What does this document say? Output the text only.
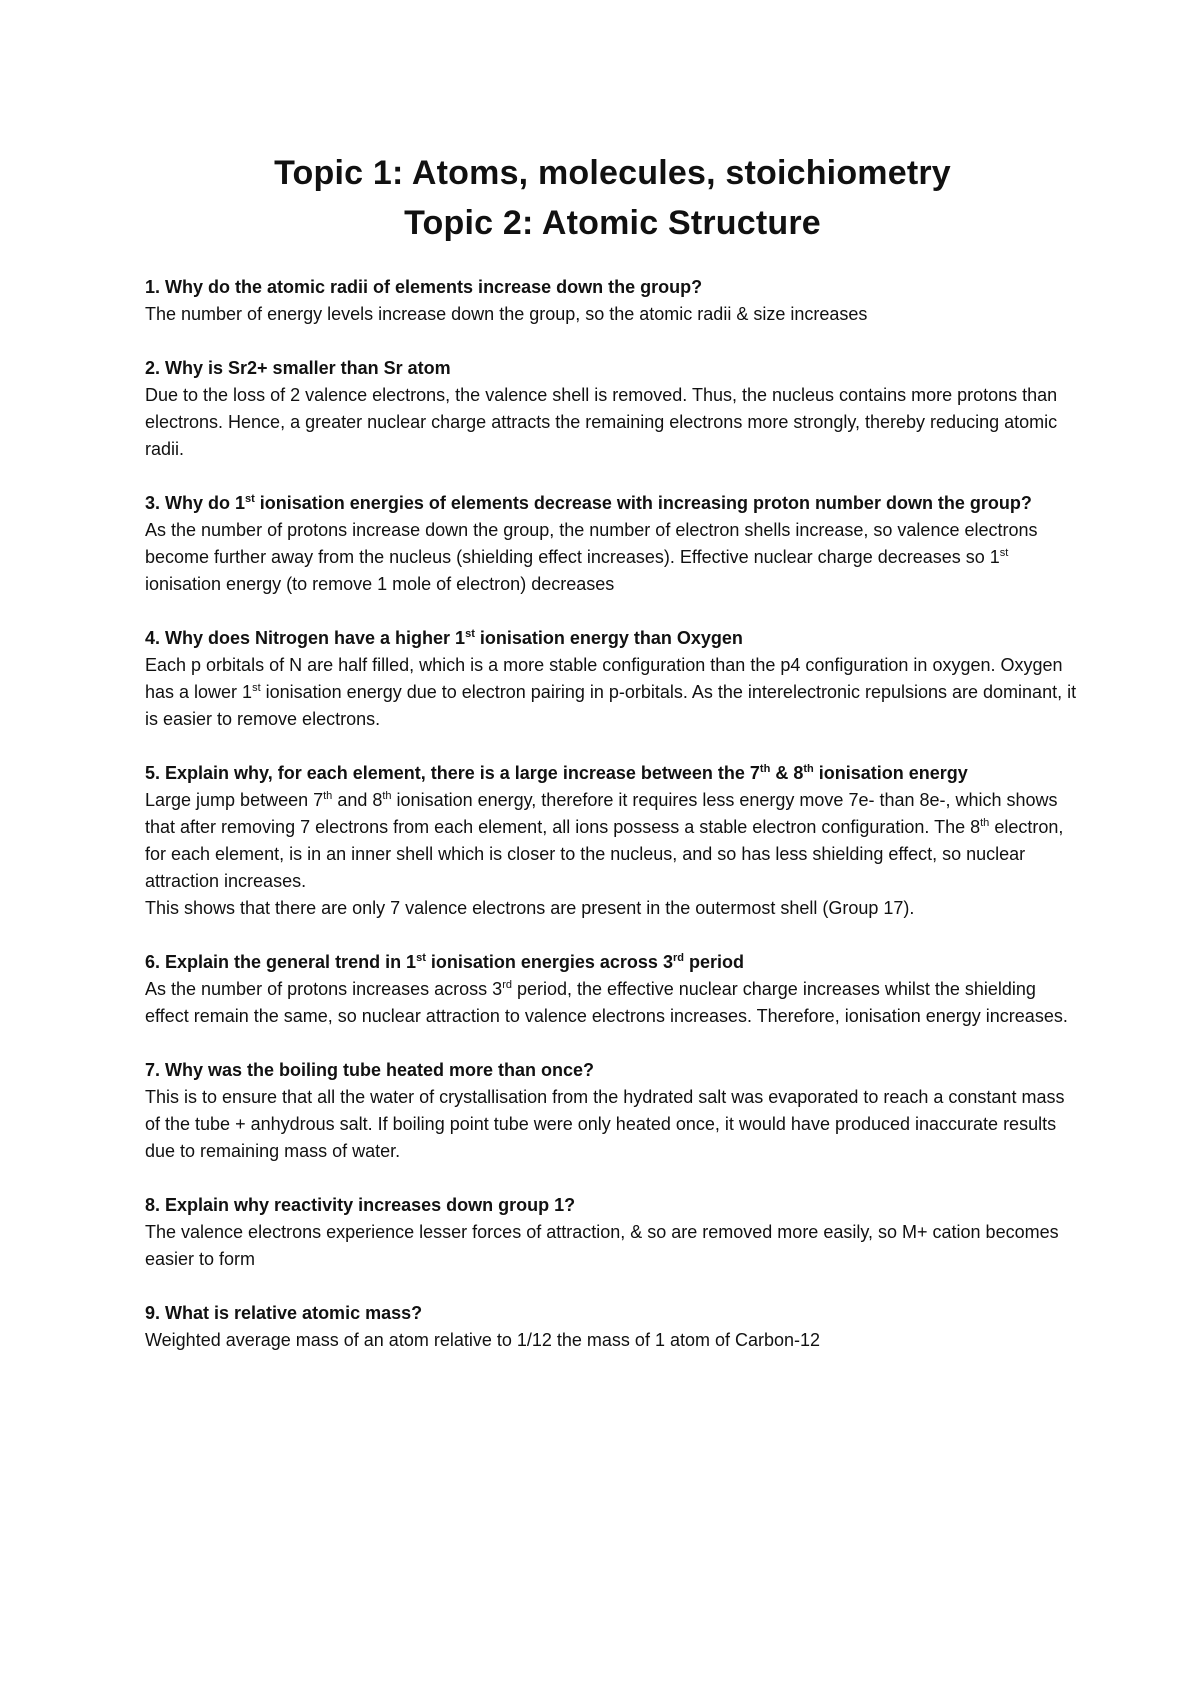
Topic 1: Atoms, molecules, stoichiometry
Topic 2: Atomic Structure

1. Why do the atomic radii of elements increase down the group?

The number of energy levels increase down the group, so the atomic radii & size increases

2. Why is Sr2+ smaller than Sr atom

Due to the loss of 2 valence electrons, the valence shell is removed. Thus, the nucleus contains more protons than electrons. Hence, a greater nuclear charge attracts the remaining electrons more strongly, thereby reducing atomic radii.

3. Why do 1st ionisation energies of elements decrease with increasing proton number down the group?

As the number of protons increase down the group, the number of electron shells increase, so valence electrons become further away from the nucleus (shielding effect increases). Effective nuclear charge decreases so 1st ionisation energy (to remove 1 mole of electron) decreases

4. Why does Nitrogen have a higher 1st ionisation energy than Oxygen

Each p orbitals of N are half filled, which is a more stable configuration than the p4 configuration in oxygen. Oxygen has a lower 1st ionisation energy due to electron pairing in p-orbitals. As the interelectronic repulsions are dominant, it is easier to remove electrons.

5. Explain why, for each element, there is a large increase between the 7th & 8th ionisation energy

Large jump between 7th and 8th ionisation energy, therefore it requires less energy move 7e- than 8e-, which shows that after removing 7 electrons from each element, all ions possess a stable electron configuration. The 8th electron, for each element, is in an inner shell which is closer to the nucleus, and so has less shielding effect, so nuclear attraction increases.

This shows that there are only 7 valence electrons are present in the outermost shell (Group 17).

6. Explain the general trend in 1st ionisation energies across 3rd period

As the number of protons increases across 3rd period, the effective nuclear charge increases whilst the shielding effect remain the same, so nuclear attraction to valence electrons increases. Therefore, ionisation energy increases.

7. Why was the boiling tube heated more than once?

This is to ensure that all the water of crystallisation from the hydrated salt was evaporated to reach a constant mass of the tube + anhydrous salt. If boiling point tube were only heated once, it would have produced inaccurate results due to remaining mass of water.

8. Explain why reactivity increases down group 1?

The valence electrons experience lesser forces of attraction, & so are removed more easily, so M+ cation becomes easier to form

9. What is relative atomic mass?

Weighted average mass of an atom relative to 1/12 the mass of 1 atom of Carbon-12
